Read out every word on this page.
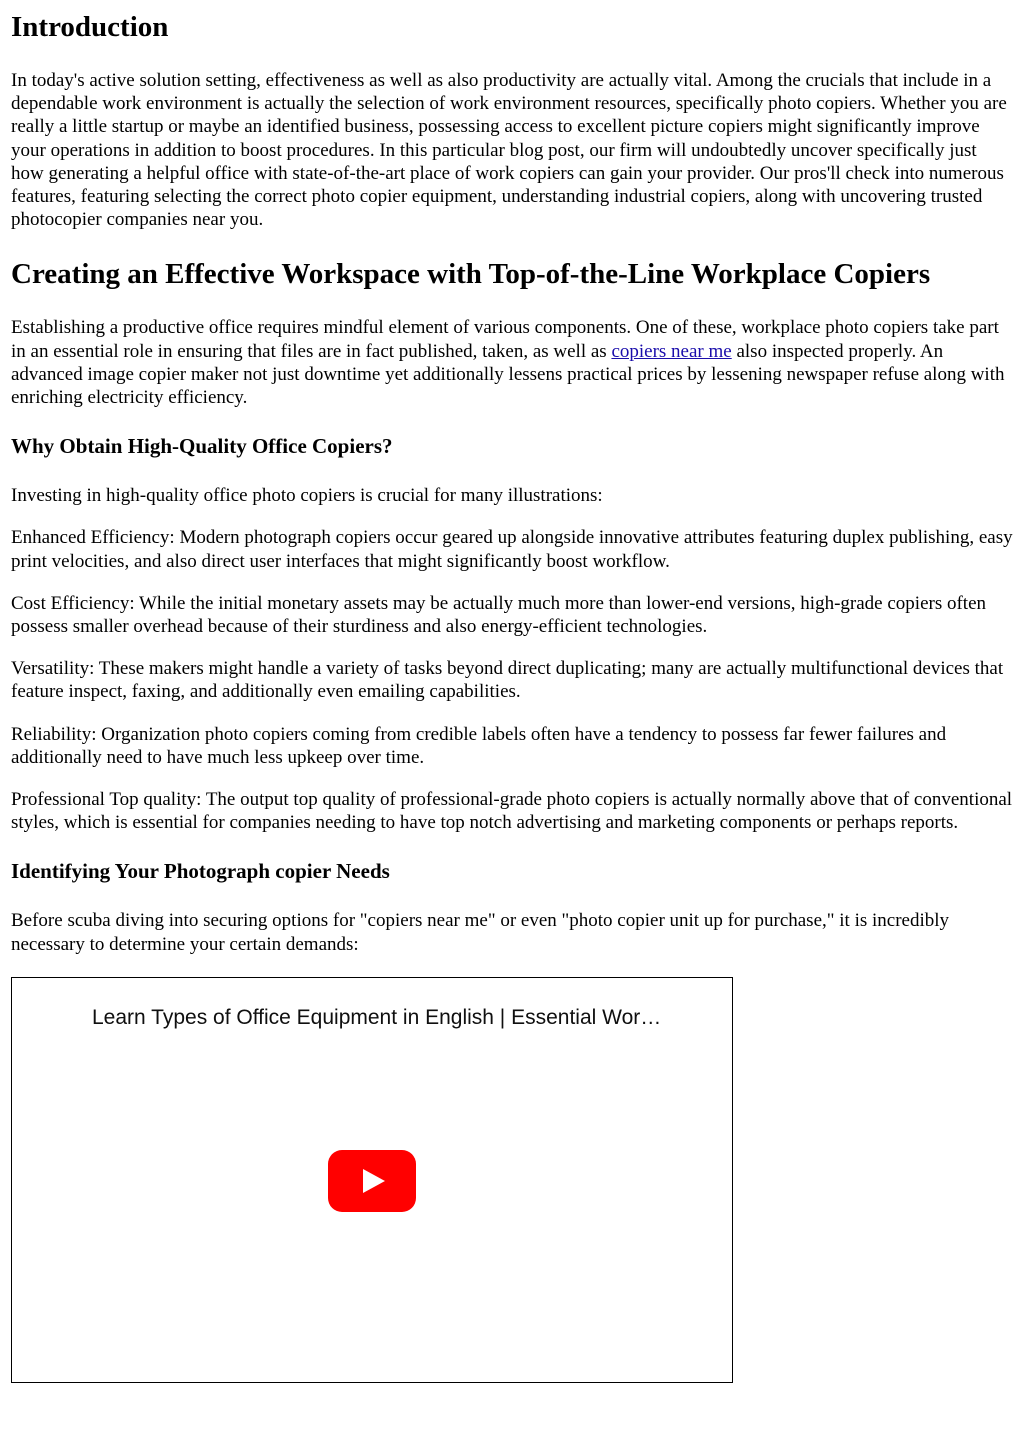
Introduction

In today's active solution setting, effectiveness as well as also productivity are actually vital. Among the crucials that include in a dependable work environment is actually the selection of work environment resources, specifically photo copiers. Whether you are really a little startup or maybe an identified business, possessing access to excellent picture copiers might significantly improve your operations in addition to boost procedures. In this particular blog post, our firm will undoubtedly uncover specifically just how generating a helpful office with state-of-the-art place of work copiers can gain your provider. Our pros'll check into numerous features, featuring selecting the correct photo copier equipment, understanding industrial copiers, along with uncovering trusted photocopier companies near you.

Creating an Effective Workspace with Top-of-the-Line Workplace Copiers

Establishing a productive office requires mindful element of various components. One of these, workplace photo copiers take part in an essential role in ensuring that files are in fact published, taken, as well as copiers near me also inspected properly. An advanced image copier maker not just downtime yet additionally lessens practical prices by lessening newspaper refuse along with enriching electricity efficiency.

Why Obtain High-Quality Office Copiers?

Investing in high-quality office photo copiers is crucial for many illustrations:

Enhanced Efficiency: Modern photograph copiers occur geared up alongside innovative attributes featuring duplex publishing, easy print velocities, and also direct user interfaces that might significantly boost workflow.

Cost Efficiency: While the initial monetary assets may be actually much more than lower-end versions, high-grade copiers often possess smaller overhead because of their sturdiness and also energy-efficient technologies.

Versatility: These makers might handle a variety of tasks beyond direct duplicating; many are actually multifunctional devices that feature inspect, faxing, and additionally even emailing capabilities.

Reliability: Organization photo copiers coming from credible labels often have a tendency to possess far fewer failures and additionally need to have much less upkeep over time.

Professional Top quality: The output top quality of professional-grade photo copiers is actually normally above that of conventional styles, which is essential for companies needing to have top notch advertising and marketing components or perhaps reports.

Identifying Your Photograph copier Needs

Before scuba diving into securing options for "copiers near me" or even "photo copier unit up for purchase," it is incredibly necessary to determine your certain demands:

Learn Types of Office Equipment in English | Essential Wor…
